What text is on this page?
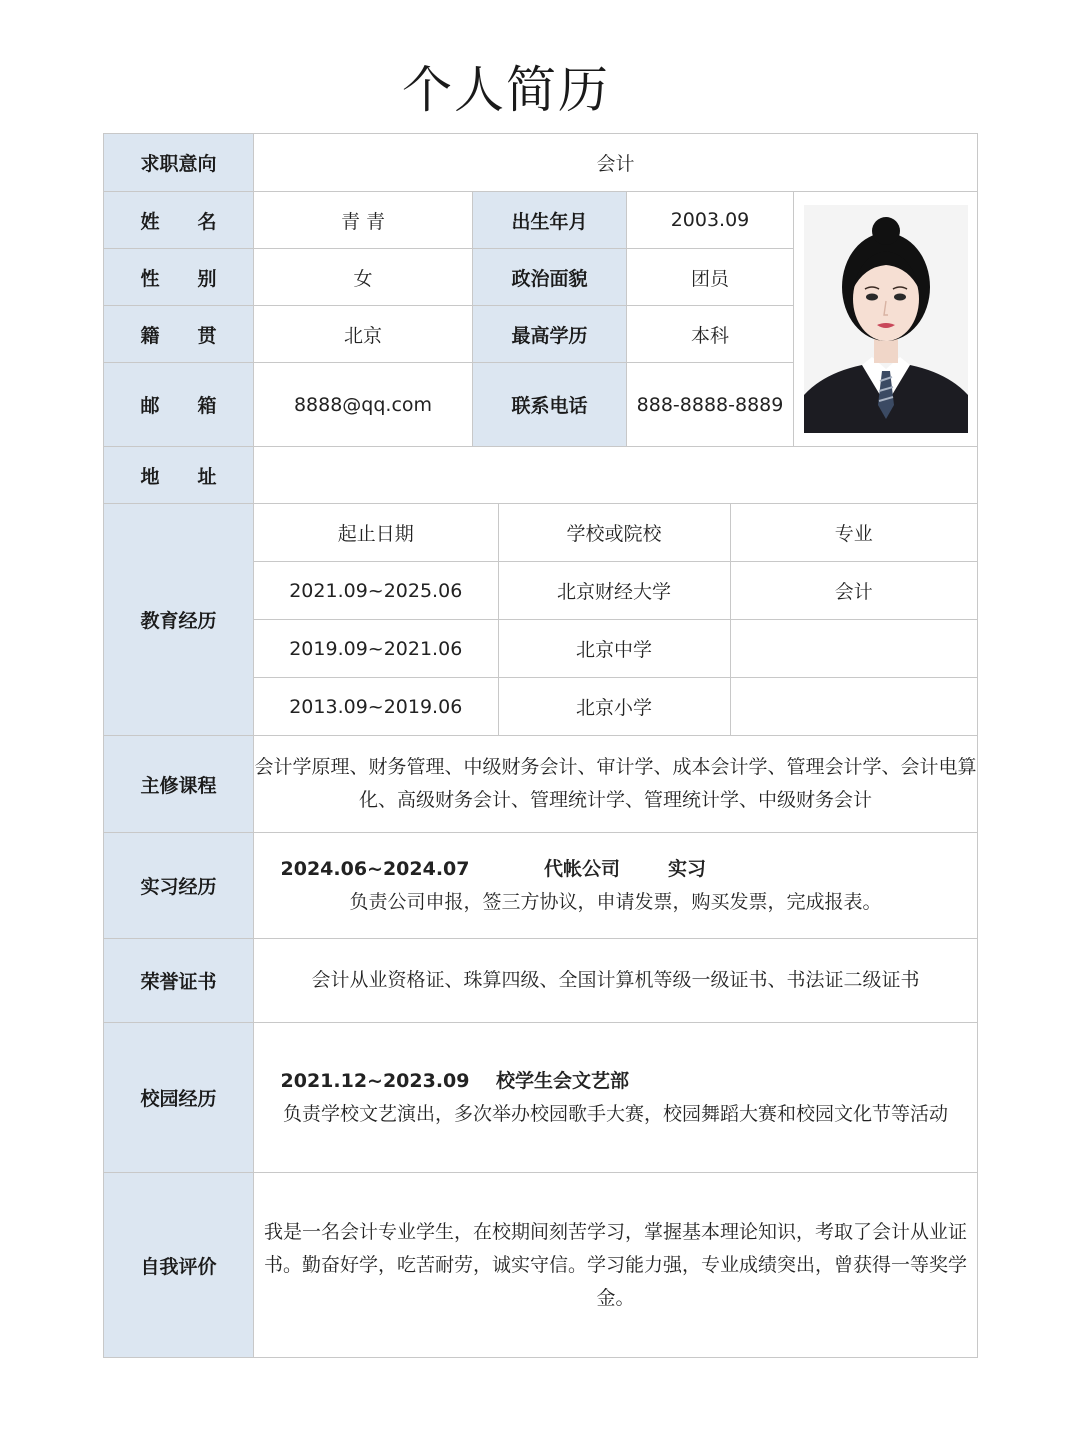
个人简历
求职意向	会计
姓名	青 青	出生年月	2003.09	

性别	女	政治面貌	团员
籍贯	北京	最高学历	本科
邮箱	8888@qq.com	联系电话	888-8888-8889
地址	
教育经历	
起止日期	学校或院校	专业
2021.09~2025.06	北京财经大学	会计
2019.09~2021.06	北京中学	
2013.09~2019.06	北京小学	

主修课程	会计学原理、财务管理、中级财务会计、审计学、成本会计学、管理会计学、会计电算化、高级财务会计、管理统计学、管理统计学、中级财务会计
实习经历	
2024.06~2024.07	代帐公司	实习
负责公司申报，签三方协议，申请发票，购买发票，完成报表。

荣誉证书	会计从业资格证、珠算四级、全国计算机等级一级证书、书法证二级证书
校园经历	
2021.12~2023.09	校学生会文艺部
负责学校文艺演出，多次举办校园歌手大赛，校园舞蹈大赛和校园文化节等活动

自我评价	我是一名会计专业学生，在校期间刻苦学习，掌握基本理论知识，考取了会计从业证书。勤奋好学，吃苦耐劳，诚实守信。学习能力强，专业成绩突出，曾获得一等奖学金。
